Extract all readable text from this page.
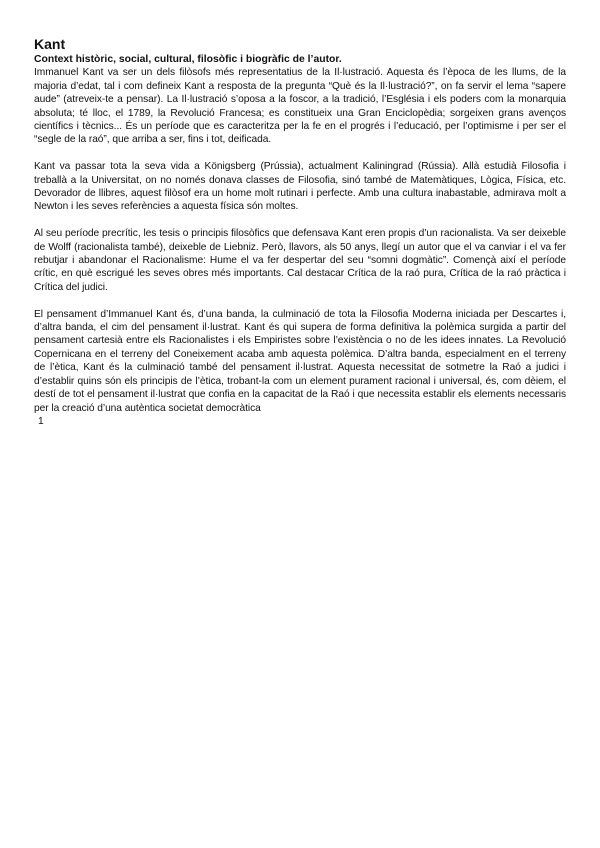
Kant

Context històric, social, cultural, filosòfic i biogràfic de l’autor.

Immanuel Kant va ser un dels filòsofs més representatius de la Il·lustració. Aquesta és l’època de les llums, de la majoria d’edat, tal i com defineix Kant a resposta de la pregunta “Què és la Il·lustració?”, on fa servir el lema “sapere aude” (atreveix-te a pensar). La Il·lustració s’oposa a la foscor, a la tradició, l’Església i els poders com la monarquia absoluta; té lloc, el 1789, la Revolució Francesa; es constitueix una Gran Enciclopèdia; sorgeixen grans avenços científics i tècnics... És un període que es caracteritza per la fe en el progrés i l’educació, per l’optimisme i per ser el “segle de la raó”, que arriba a ser, fins i tot, deificada.

Kant va passar tota la seva vida a Königsberg (Prússia), actualment Kaliningrad (Rússia). Allà estudià Filosofia i treballà a la Universitat, on no només donava classes de Filosofia, sinó també de Matemàtiques, Lògica, Física, etc. Devorador de llibres, aquest filòsof era un home molt rutinari i perfecte. Amb una cultura inabastable, admirava molt a Newton i les seves referències a aquesta física són moltes.

Al seu període precrític, les tesis o principis filosòfics que defensava Kant eren propis d’un racionalista. Va ser deixeble de Wolff (racionalista també), deixeble de Liebniz. Però, llavors, als 50 anys, llegí un autor que el va canviar i el va fer rebutjar i abandonar el Racionalisme: Hume el va fer despertar del seu “somni dogmàtic”. Començà així el període crític, en què escrigué les seves obres més importants. Cal destacar Crítica de la raó pura, Crítica de la raó pràctica i Crítica del judici.

El pensament d’Immanuel Kant és, d’una banda, la culminació de tota la Filosofia Moderna iniciada per Descartes i, d’altra banda, el cim del pensament il·lustrat. Kant és qui supera de forma definitiva la polèmica surgida a partir del pensament cartesià entre els Racionalistes i els Empiristes sobre l’existència o no de les idees innates. La Revolució Copernicana en el terreny del Coneixement acaba amb aquesta polèmica. D’altra banda, especialment en el terreny de l’ètica, Kant és la culminació també del pensament il·lustrat. Aquesta necessitat de sotmetre la Raó a judici i d’establir quins són els principis de l’ètica, trobant-la com un element purament racional i universal, és, com dèiem, el destí de tot el pensament il·lustrat que confia en la capacitat de la Raó i que necessita establir els elements necessaris per la creació d’una autèntica societat democràtica

1
